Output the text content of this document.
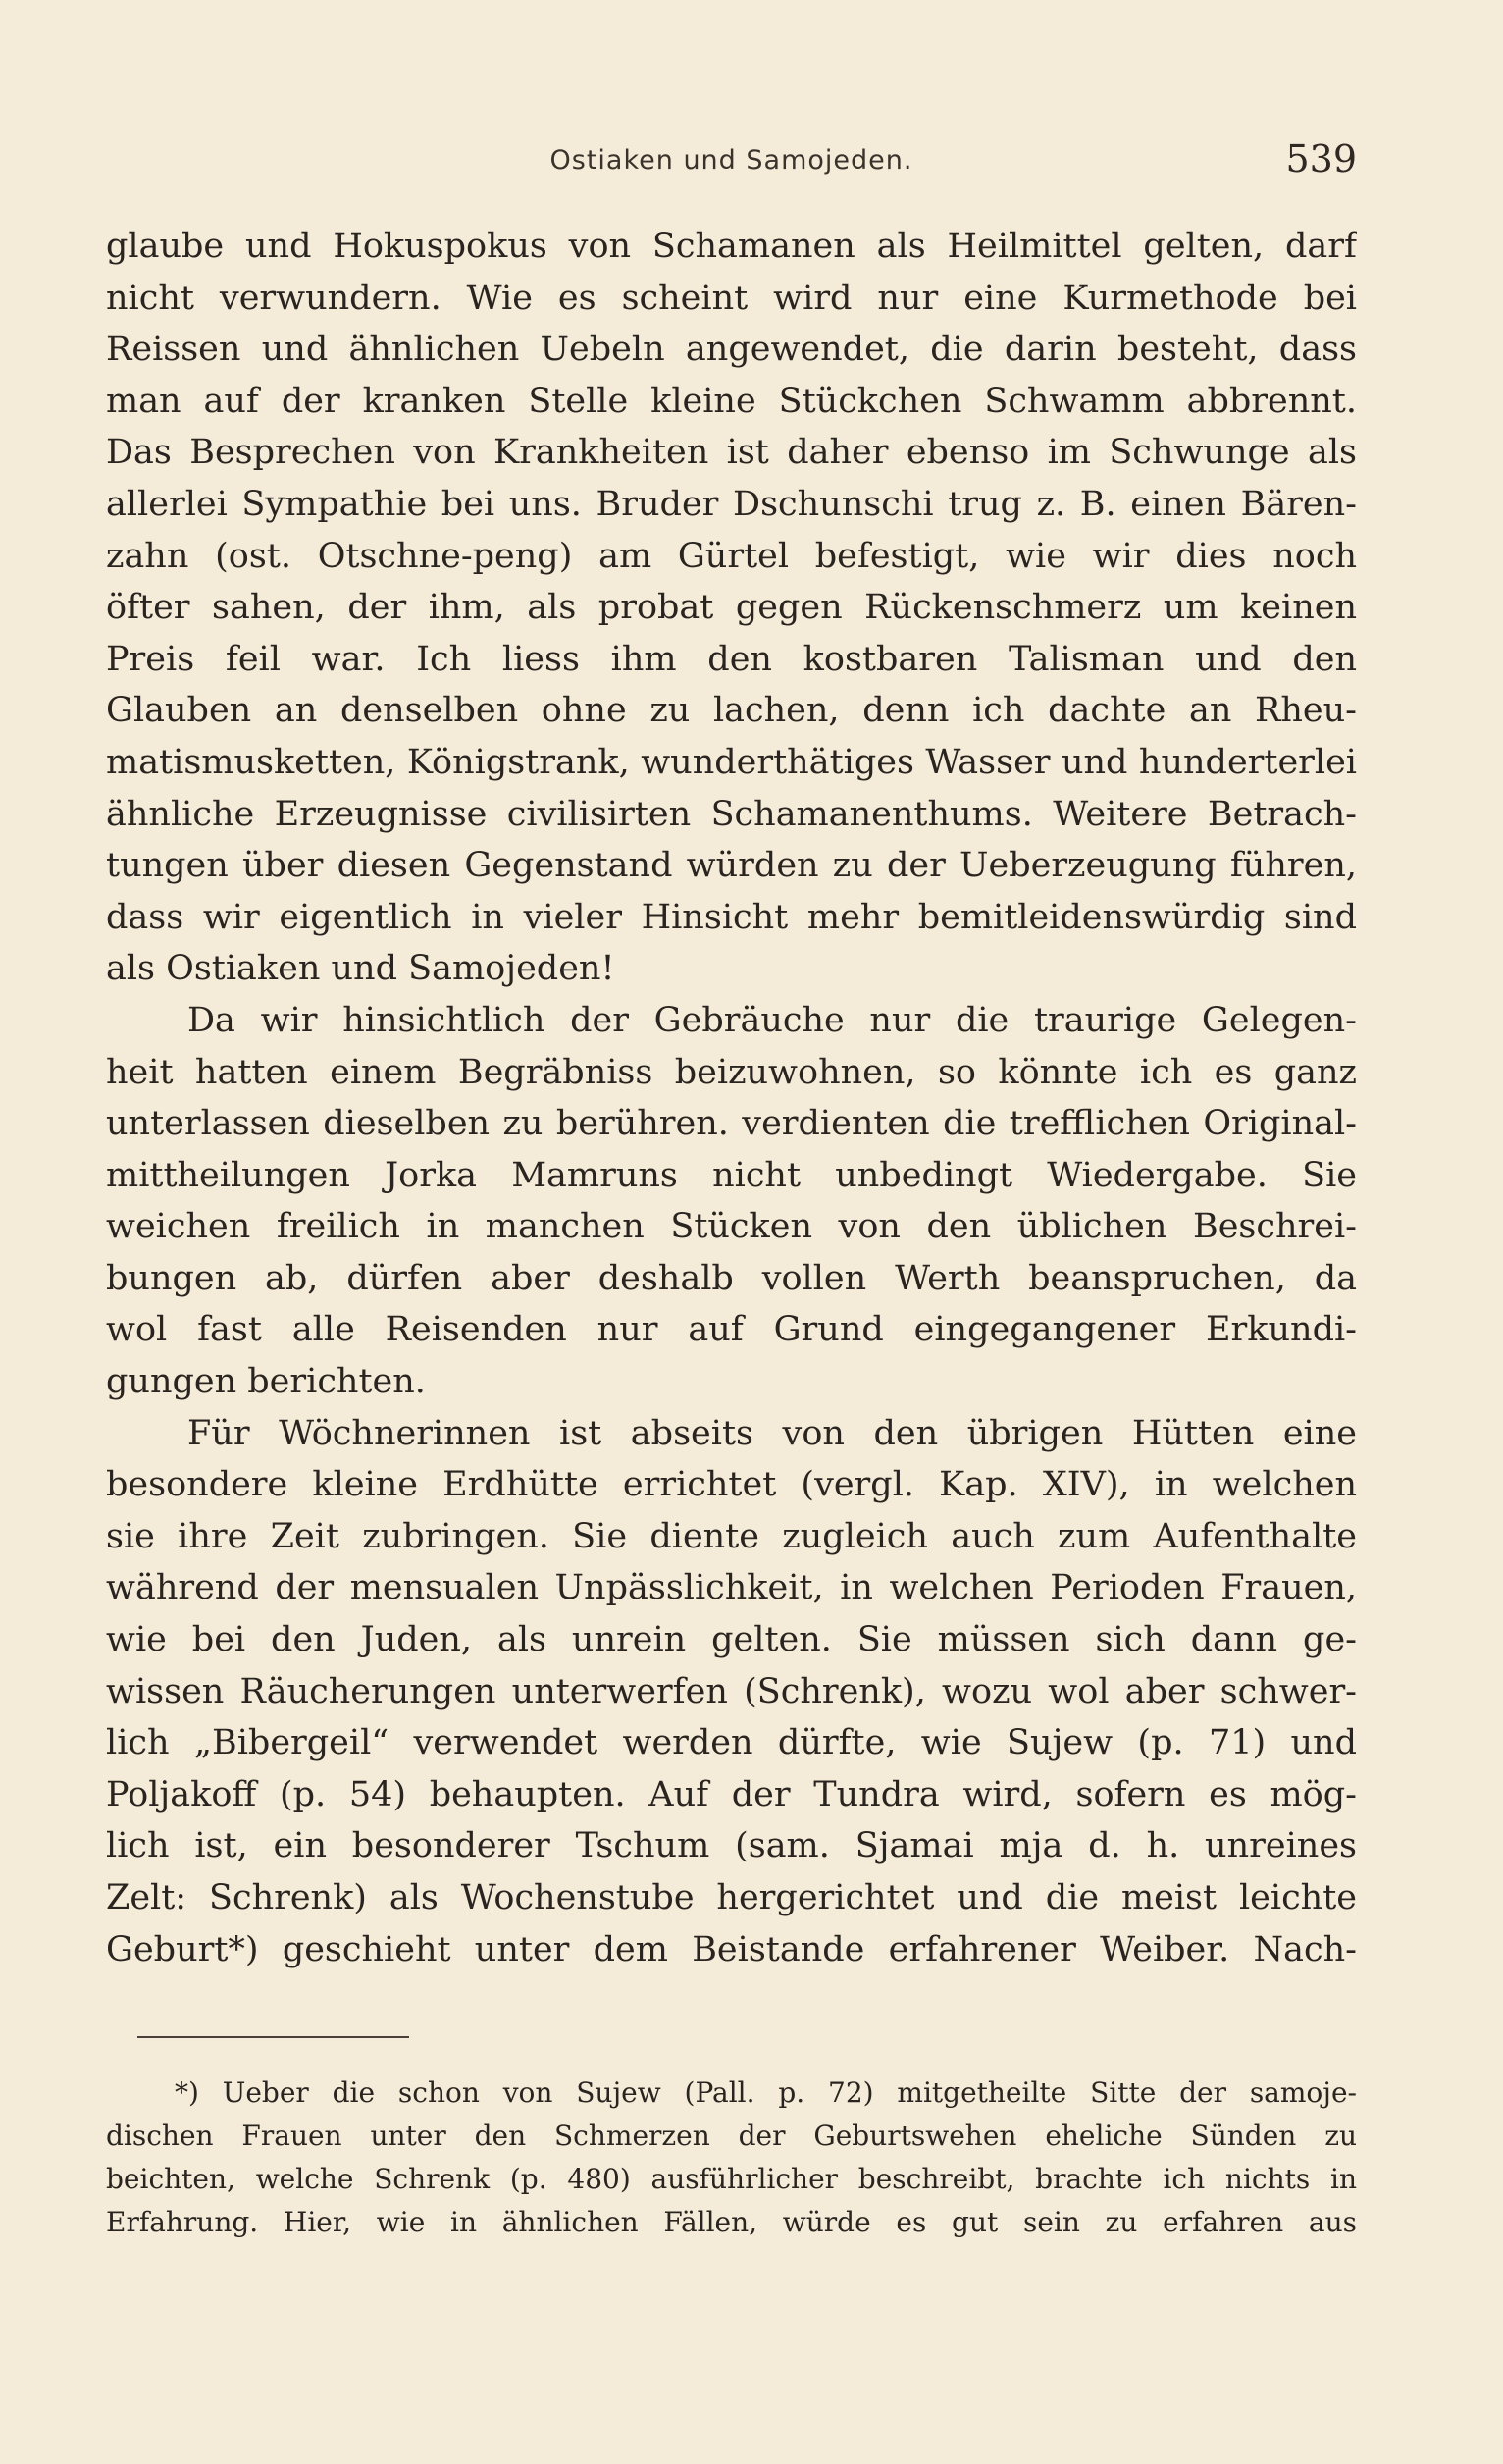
Ostiaken und Samojeden.	539
glaube und Hokuspokus von Schamanen als Heilmittel gelten, darf
nicht verwundern. Wie es scheint wird nur eine Kurmethode bei
Reissen und ähnlichen Uebeln angewendet, die darin besteht, dass
man auf der kranken Stelle kleine Stückchen Schwamm abbrennt.
Das Besprechen von Krankheiten ist daher ebenso im Schwunge als
allerlei Sympathie bei uns. Bruder Dschunschi trug z. B. einen Bären-
zahn (ost. Otschne-peng) am Gürtel befestigt, wie wir dies noch
öfter sahen, der ihm, als probat gegen Rückenschmerz um keinen
Preis feil war. Ich liess ihm den kostbaren Talisman und den
Glauben an denselben ohne zu lachen, denn ich dachte an Rheu-
matismusketten, Königstrank, wunderthätiges Wasser und hunderterlei
ähnliche Erzeugnisse civilisirten Schamanenthums. Weitere Betrach-
tungen über diesen Gegenstand würden zu der Ueberzeugung führen,
dass wir eigentlich in vieler Hinsicht mehr bemitleidenswürdig sind
als Ostiaken und Samojeden!
Da wir hinsichtlich der Gebräuche nur die traurige Gelegen-
heit hatten einem Begräbniss beizuwohnen, so könnte ich es ganz
unterlassen dieselben zu berühren. verdienten die trefflichen Original-
mittheilungen Jorka Mamruns nicht unbedingt Wiedergabe. Sie
weichen freilich in manchen Stücken von den üblichen Beschrei-
bungen ab, dürfen aber deshalb vollen Werth beanspruchen, da
wol fast alle Reisenden nur auf Grund eingegangener Erkundi-
gungen berichten.
Für Wöchnerinnen ist abseits von den übrigen Hütten eine
besondere kleine Erdhütte errichtet (vergl. Kap. XIV), in welchen
sie ihre Zeit zubringen. Sie diente zugleich auch zum Aufenthalte
während der mensualen Unpässlichkeit, in welchen Perioden Frauen,
wie bei den Juden, als unrein gelten. Sie müssen sich dann ge-
wissen Räucherungen unterwerfen (Schrenk), wozu wol aber schwer-
lich „Bibergeil“ verwendet werden dürfte, wie Sujew (p. 71) und
Poljakoff (p. 54) behaupten. Auf der Tundra wird, sofern es mög-
lich ist, ein besonderer Tschum (sam. Sjamai mja d. h. unreines
Zelt: Schrenk) als Wochenstube hergerichtet und die meist leichte
Geburt*) geschieht unter dem Beistande erfahrener Weiber. Nach-
*) Ueber die schon von Sujew (Pall. p. 72) mitgetheilte Sitte der samoje-
dischen Frauen unter den Schmerzen der Geburtswehen eheliche Sünden zu
beichten, welche Schrenk (p. 480) ausführlicher beschreibt, brachte ich nichts in
Erfahrung. Hier, wie in ähnlichen Fällen, würde es gut sein zu erfahren aus
